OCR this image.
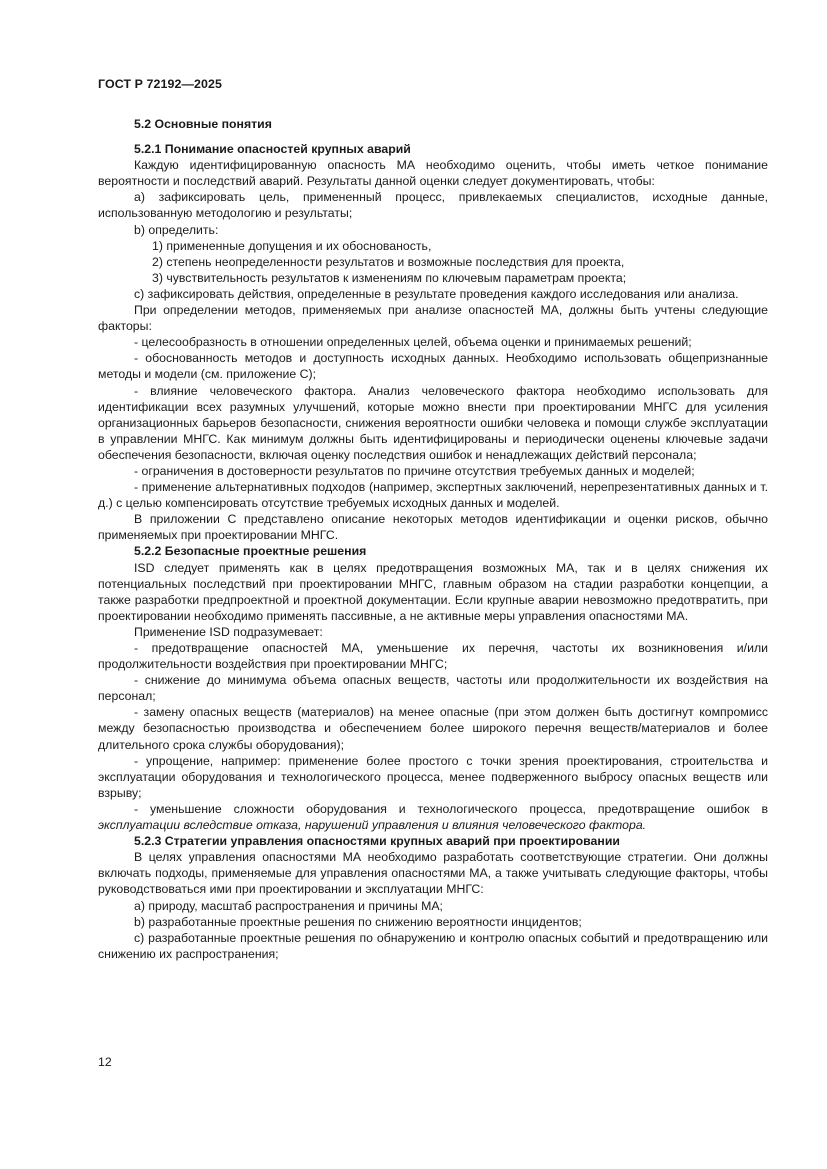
ГОСТ Р 72192—2025

5.2 Основные понятия

5.2.1 Понимание опасностей крупных аварий

Каждую идентифицированную опасность МА необходимо оценить, чтобы иметь четкое понимание вероятности и последствий аварий. Результаты данной оценки следует документировать, чтобы:

a) зафиксировать цель, примененный процесс, привлекаемых специалистов, исходные данные, использованную методологию и результаты;

b) определить:

1) примененные допущения и их обоснованость,

2) степень неопределенности результатов и возможные последствия для проекта,

3) чувствительность результатов к изменениям по ключевым параметрам проекта;

c) зафиксировать действия, определенные в результате проведения каждого исследования или анализа.

При определении методов, применяемых при анализе опасностей МА, должны быть учтены следующие факторы:

- целесообразность в отношении определенных целей, объема оценки и принимаемых решений;

- обоснованность методов и доступность исходных данных. Необходимо использовать общепризнанные методы и модели (см. приложение С);

- влияние человеческого фактора. Анализ человеческого фактора необходимо использовать для идентификации всех разумных улучшений, которые можно внести при проектировании МНГС для усиления организационных барьеров безопасности, снижения вероятности ошибки человека и помощи службе эксплуатации в управлении МНГС. Как минимум должны быть идентифицированы и периодически оценены ключевые задачи обеспечения безопасности, включая оценку последствия ошибок и ненадлежащих действий персонала;

- ограничения в достоверности результатов по причине отсутствия требуемых данных и моделей;

- применение альтернативных подходов (например, экспертных заключений, нерепрезентативных данных и т. д.) с целью компенсировать отсутствие требуемых исходных данных и моделей.

В приложении С представлено описание некоторых методов идентификации и оценки рисков, обычно применяемых при проектировании МНГС.

5.2.2 Безопасные проектные решения

ISD следует применять как в целях предотвращения возможных МА, так и в целях снижения их потенциальных последствий при проектировании МНГС, главным образом на стадии разработки концепции, а также разработки предпроектной и проектной документации. Если крупные аварии невозможно предотвратить, при проектировании необходимо применять пассивные, а не активные меры управления опасностями МА.

Применение ISD подразумевает:

- предотвращение опасностей МА, уменьшение их перечня, частоты их возникновения и/или продолжительности воздействия при проектировании МНГС;

- снижение до минимума объема опасных веществ, частоты или продолжительности их воздействия на персонал;

- замену опасных веществ (материалов) на менее опасные (при этом должен быть достигнут компромисс между безопасностью производства и обеспечением более широкого перечня веществ/материалов и более длительного срока службы оборудования);

- упрощение, например: применение более простого с точки зрения проектирования, строительства и эксплуатации оборудования и технологического процесса, менее подверженного выбросу опасных веществ или взрыву;

- уменьшение сложности оборудования и технологического процесса, предотвращение ошибок в эксплуатации вследствие отказа, нарушений управления и влияния человеческого фактора.

5.2.3 Стратегии управления опасностями крупных аварий при проектировании

В целях управления опасностями МА необходимо разработать соответствующие стратегии. Они должны включать подходы, применяемые для управления опасностями МА, а также учитывать следующие факторы, чтобы руководствоваться ими при проектировании и эксплуатации МНГС:

a) природу, масштаб распространения и причины МА;

b) разработанные проектные решения по снижению вероятности инцидентов;

c) разработанные проектные решения по обнаружению и контролю опасных событий и предотвращению или снижению их распространения;

12
